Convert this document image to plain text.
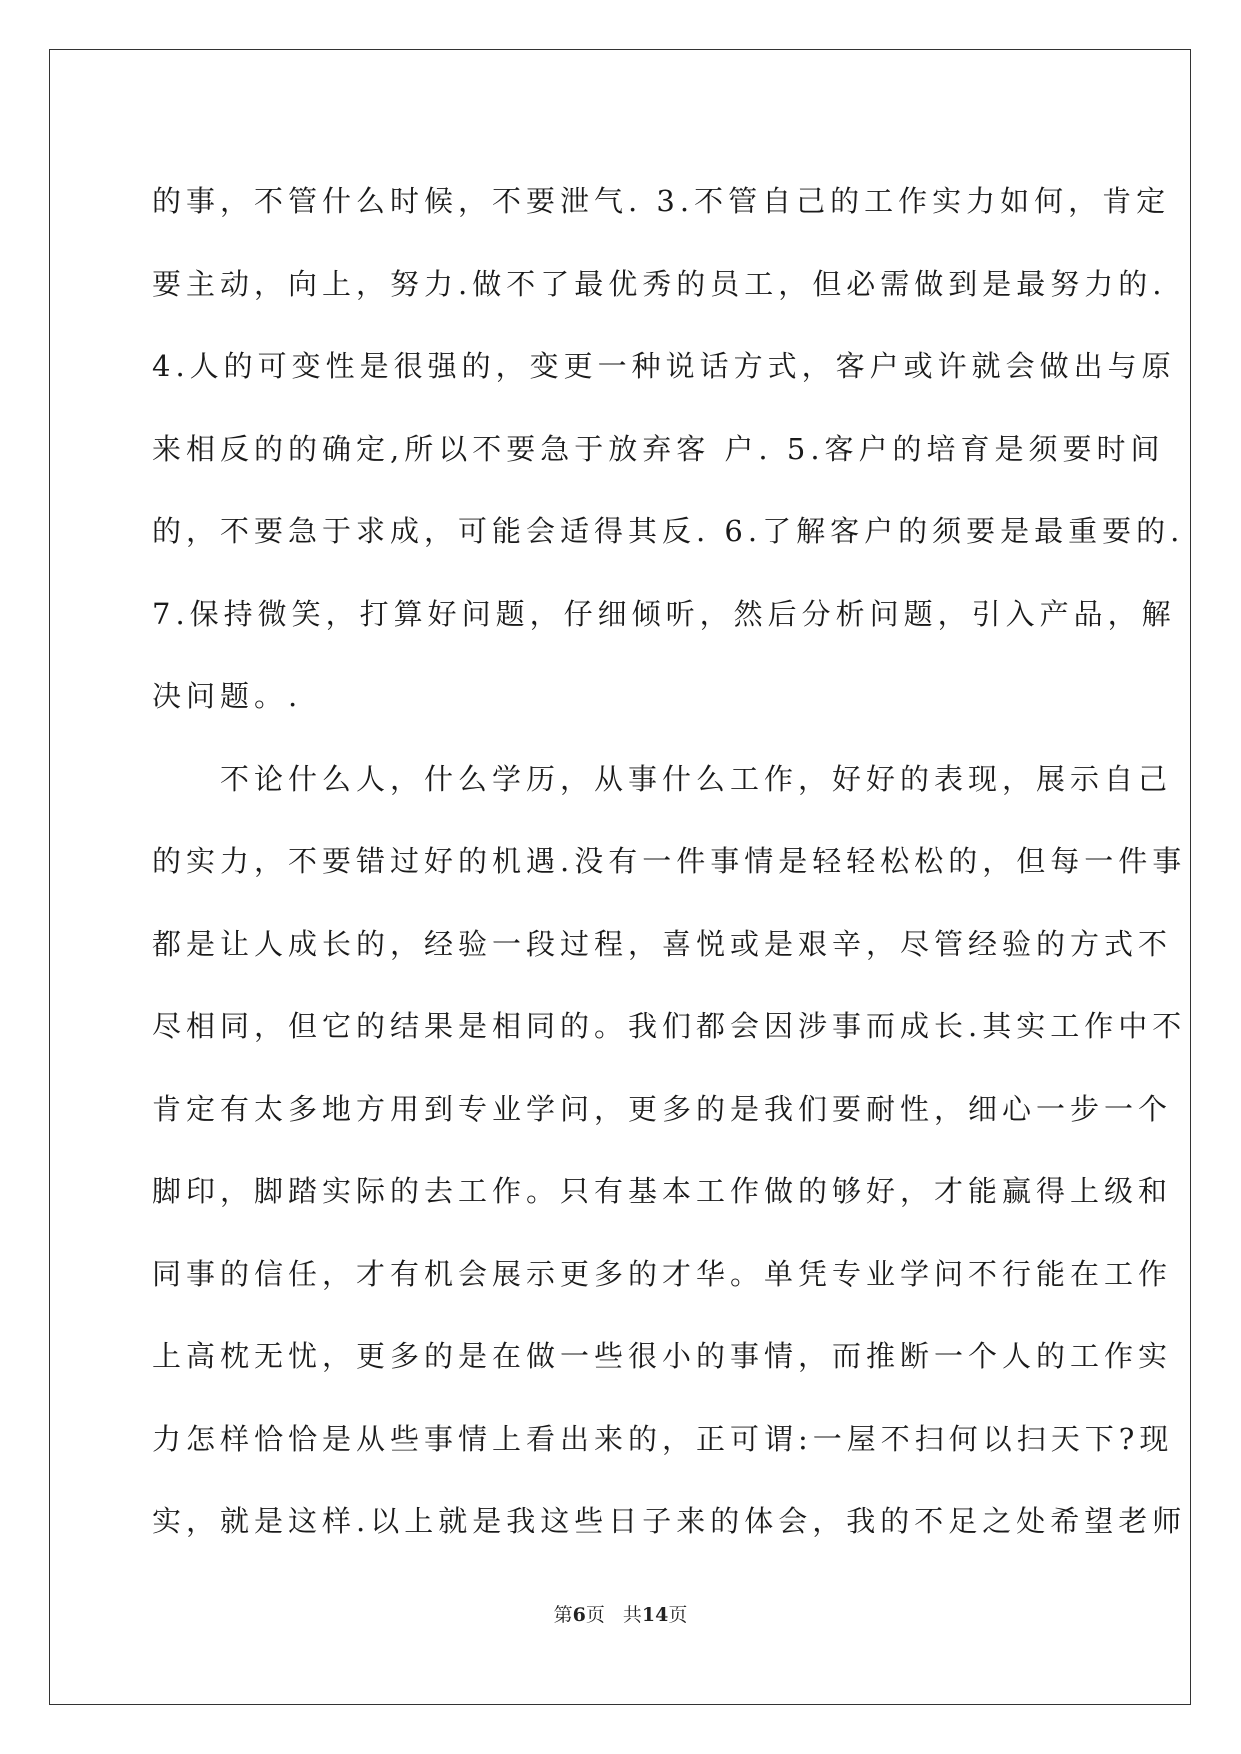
的事，不管什么时候，不要泄气. 3.不管自己的工作实力如何，肯定
要主动，向上，努力.做不了最优秀的员工，但必需做到是最努力的.
4.人的可变性是很强的，变更一种说话方式，客户或许就会做出与原
来相反的的确定,所以不要急于放弃客 户. 5.客户的培育是须要时间
的，不要急于求成，可能会适得其反. 6.了解客户的须要是最重要的.
7.保持微笑，打算好问题，仔细倾听，然后分析问题，引入产品，解
决问题。.
　　不论什么人，什么学历，从事什么工作，好好的表现，展示自己
的实力，不要错过好的机遇.没有一件事情是轻轻松松的，但每一件事
都是让人成长的，经验一段过程，喜悦或是艰辛，尽管经验的方式不
尽相同，但它的结果是相同的。我们都会因涉事而成长.其实工作中不
肯定有太多地方用到专业学问，更多的是我们要耐性，细心一步一个
脚印，脚踏实际的去工作。只有基本工作做的够好，才能赢得上级和
同事的信任，才有机会展示更多的才华。单凭专业学问不行能在工作
上高枕无忧，更多的是在做一些很小的事情，而推断一个人的工作实
力怎样恰恰是从些事情上看出来的，正可谓:一屋不扫何以扫天下?现
实，就是这样.以上就是我这些日子来的体会，我的不足之处希望老师
第6页 共14页
